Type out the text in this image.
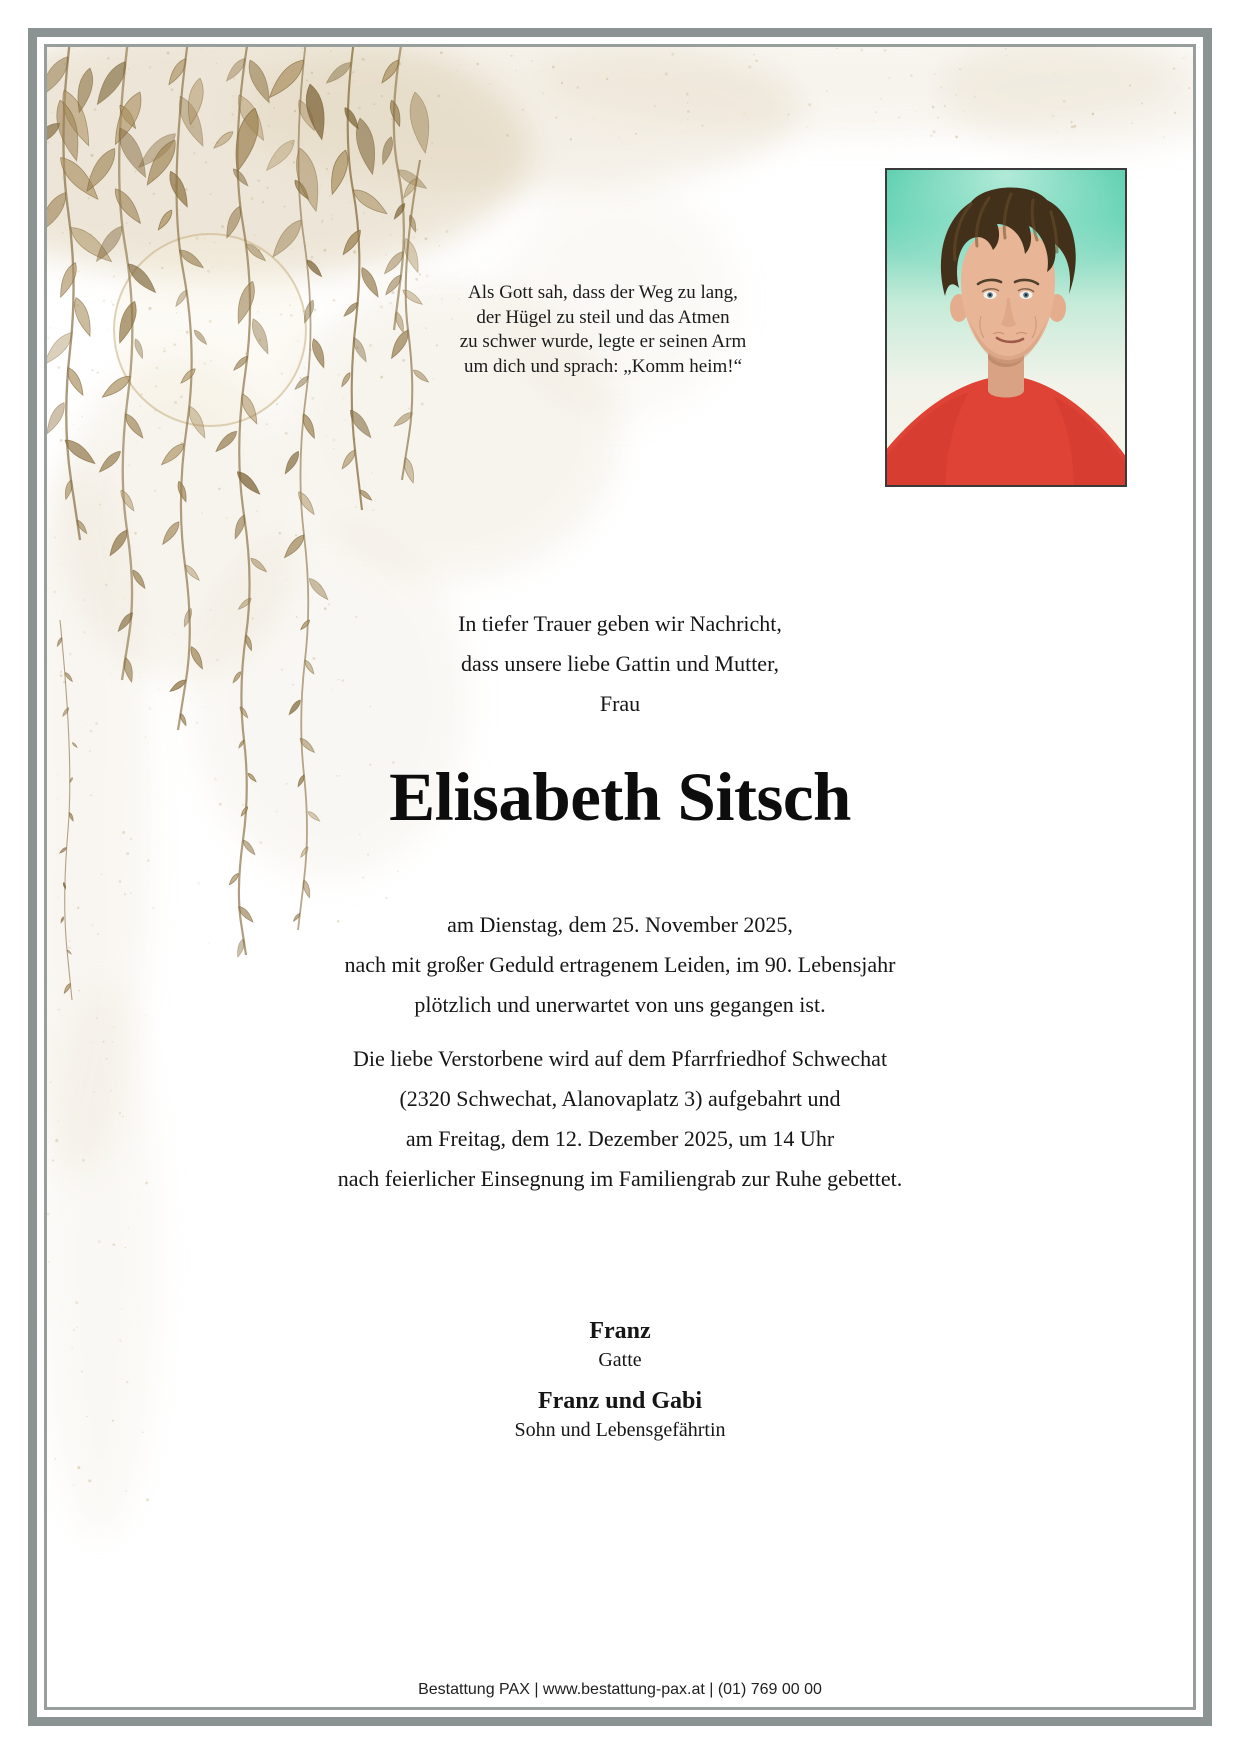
Als Gott sah, dass der Weg zu lang,
der Hügel zu steil und das Atmen
zu schwer wurde, legte er seinen Arm
um dich und sprach: „Komm heim!“
In tiefer Trauer geben wir Nachricht,
dass unsere liebe Gattin und Mutter,
Frau
Elisabeth Sitsch
am Dienstag, dem 25. November 2025,
nach mit großer Geduld ertragenem Leiden, im 90. Lebensjahr
plötzlich und unerwartet von uns gegangen ist.
Die liebe Verstorbene wird auf dem Pfarrfriedhof Schwechat
(2320 Schwechat, Alanovaplatz 3) aufgebahrt und
am Freitag, dem 12. Dezember 2025, um 14 Uhr
nach feierlicher Einsegnung im Familiengrab zur Ruhe gebettet.
Franz
Gatte
Franz und Gabi
Sohn und Lebensgefährtin
Bestattung PAX | www.bestattung-pax.at | (01) 769 00 00
